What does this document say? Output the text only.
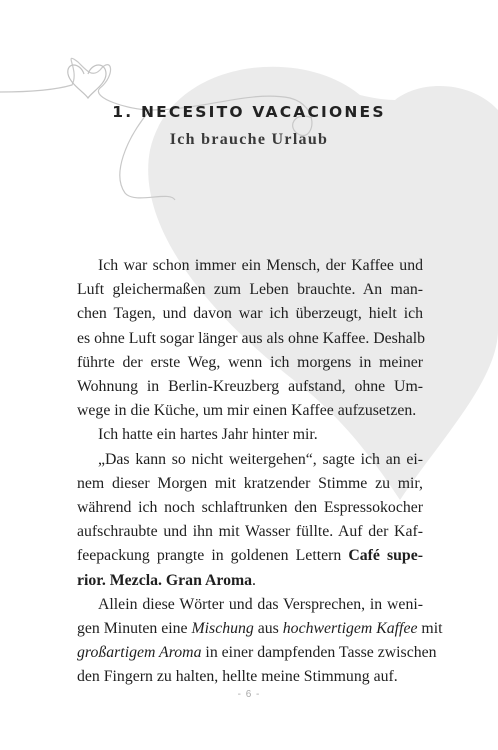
1. NECESITO VACACIONES
Ich brauche Urlaub
Ich war schon immer ein Mensch, der Kaffee und
Luft gleichermaßen zum Leben brauchte. An man-
chen Tagen, und davon war ich überzeugt, hielt ich
es ohne Luft sogar länger aus als ohne Kaffee. Deshalb
führte der erste Weg, wenn ich morgens in meiner
Wohnung in Berlin-Kreuzberg aufstand, ohne Um-
wege in die Küche, um mir einen Kaffee aufzusetzen.
Ich hatte ein hartes Jahr hinter mir.
„Das kann so nicht weitergehen“, sagte ich an ei-
nem dieser Morgen mit kratzender Stimme zu mir,
während ich noch schlaftrunken den Espressokocher
aufschraubte und ihn mit Wasser füllte. Auf der Kaf-
feepackung prangte in goldenen Lettern Café supe-
rior. Mezcla. Gran Aroma.
Allein diese Wörter und das Versprechen, in weni-
gen Minuten eine Mischung aus hochwertigem Kaffee mit
großartigem Aroma in einer dampfenden Tasse zwischen
den Fingern zu halten, hellte meine Stimmung auf.
- 6 -
